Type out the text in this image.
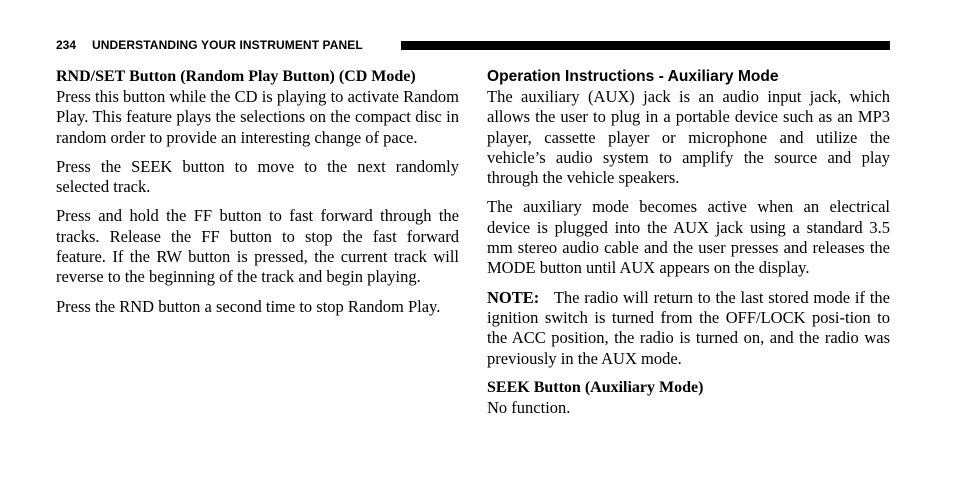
234 UNDERSTANDING YOUR INSTRUMENT PANEL
RND/SET Button (Random Play Button) (CD Mode)

Press this button while the CD is playing to activate Random Play. This feature plays the selections on the compact disc in random order to provide an interesting change of pace.

Press the SEEK button to move to the next randomly selected track.

Press and hold the FF button to fast forward through the tracks. Release the FF button to stop the fast forward feature. If the RW button is pressed, the current track will reverse to the beginning of the track and begin playing.

Press the RND button a second time to stop Random Play.

Operation Instructions - Auxiliary Mode

The auxiliary (AUX) jack is an audio input jack, which allows the user to plug in a portable device such as an MP3 player, cassette player or microphone and utilize the vehicle’s audio system to amplify the source and play through the vehicle speakers.

The auxiliary mode becomes active when an electrical device is plugged into the AUX jack using a standard 3.5 mm stereo audio cable and the user presses and releases the MODE button until AUX appears on the display.

NOTE: The radio will return to the last stored mode if the ignition switch is turned from the OFF/LOCK posi-tion to the ACC position, the radio is turned on, and the radio was previously in the AUX mode.

SEEK Button (Auxiliary Mode)

No function.
